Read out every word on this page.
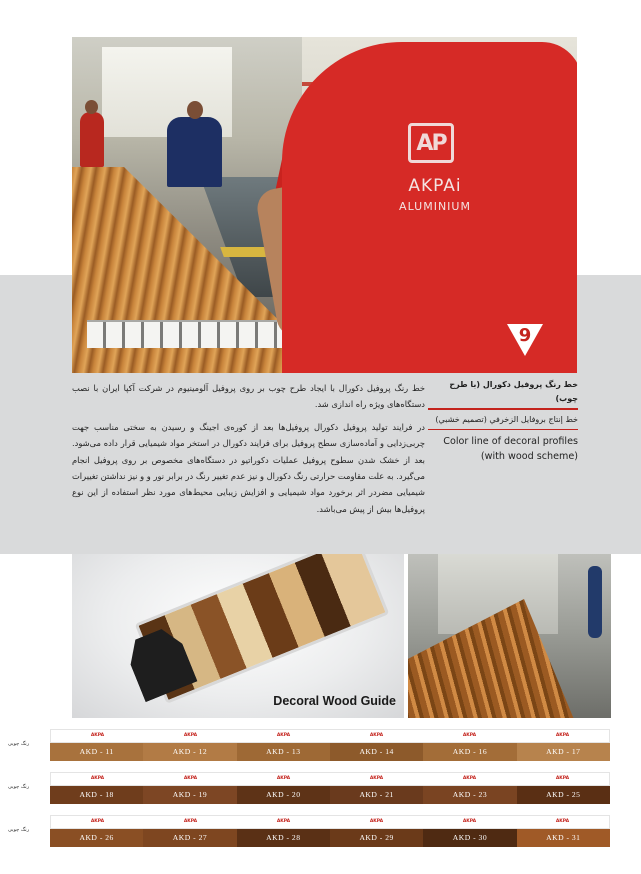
AP
AKPAi
ALUMINIUM
9
خط رنگ پروفیل دکورال (با طرح چوب)
خط إنتاج بروفايل الزخرفي (تصميم خشبي)
Color line of decoral profiles
(with wood scheme)

خط رنگ پروفیل دکورال با ایجاد طرح چوب بر روی پروفیل آلومینیوم در شرکت آکپا ایران با نصب دستگاه‌های ویژه راه اندازی شد.

در فرایند تولید پروفیل دکورال پروفیل‌ها بعد از کوره‌ی اجینگ و رسیدن به سختی مناسب جهت چربی‌زدایی و آماده‌سازی سطح پروفیل برای فرایند دکورال در استخر مواد شیمیایی قرار داده می‌شود. بعد از خشک شدن سطوح پروفیل عملیات دکوراتیو در دستگاه‌های مخصوص بر روی پروفیل انجام می‌گیرد. به علت مقاومت حرارتی رنگ دکورال و نیز عدم تغییر رنگ در برابر نور و و نیز نداشتن تغییرات شیمیایی مضردر اثر برخورد مواد شیمیایی و افزایش زیبایی محیط‌های مورد نظر استفاده از این نوع پروفیل‌ها بیش از پیش می‌باشد.

Decoral Wood Guide
رنگ چوبی
AKPA	AKPA	AKPA	AKPA	AKPA	AKPA
AKD - 11	AKD - 12	AKD - 13	AKD - 14	AKD - 16	AKD - 17
رنگ چوبی
AKPA	AKPA	AKPA	AKPA	AKPA	AKPA
AKD - 18	AKD - 19	AKD - 20	AKD - 21	AKD - 23	AKD - 25
رنگ چوبی
AKPA	AKPA	AKPA	AKPA	AKPA	AKPA
AKD - 26	AKD - 27	AKD - 28	AKD - 29	AKD - 30	AKD - 31
